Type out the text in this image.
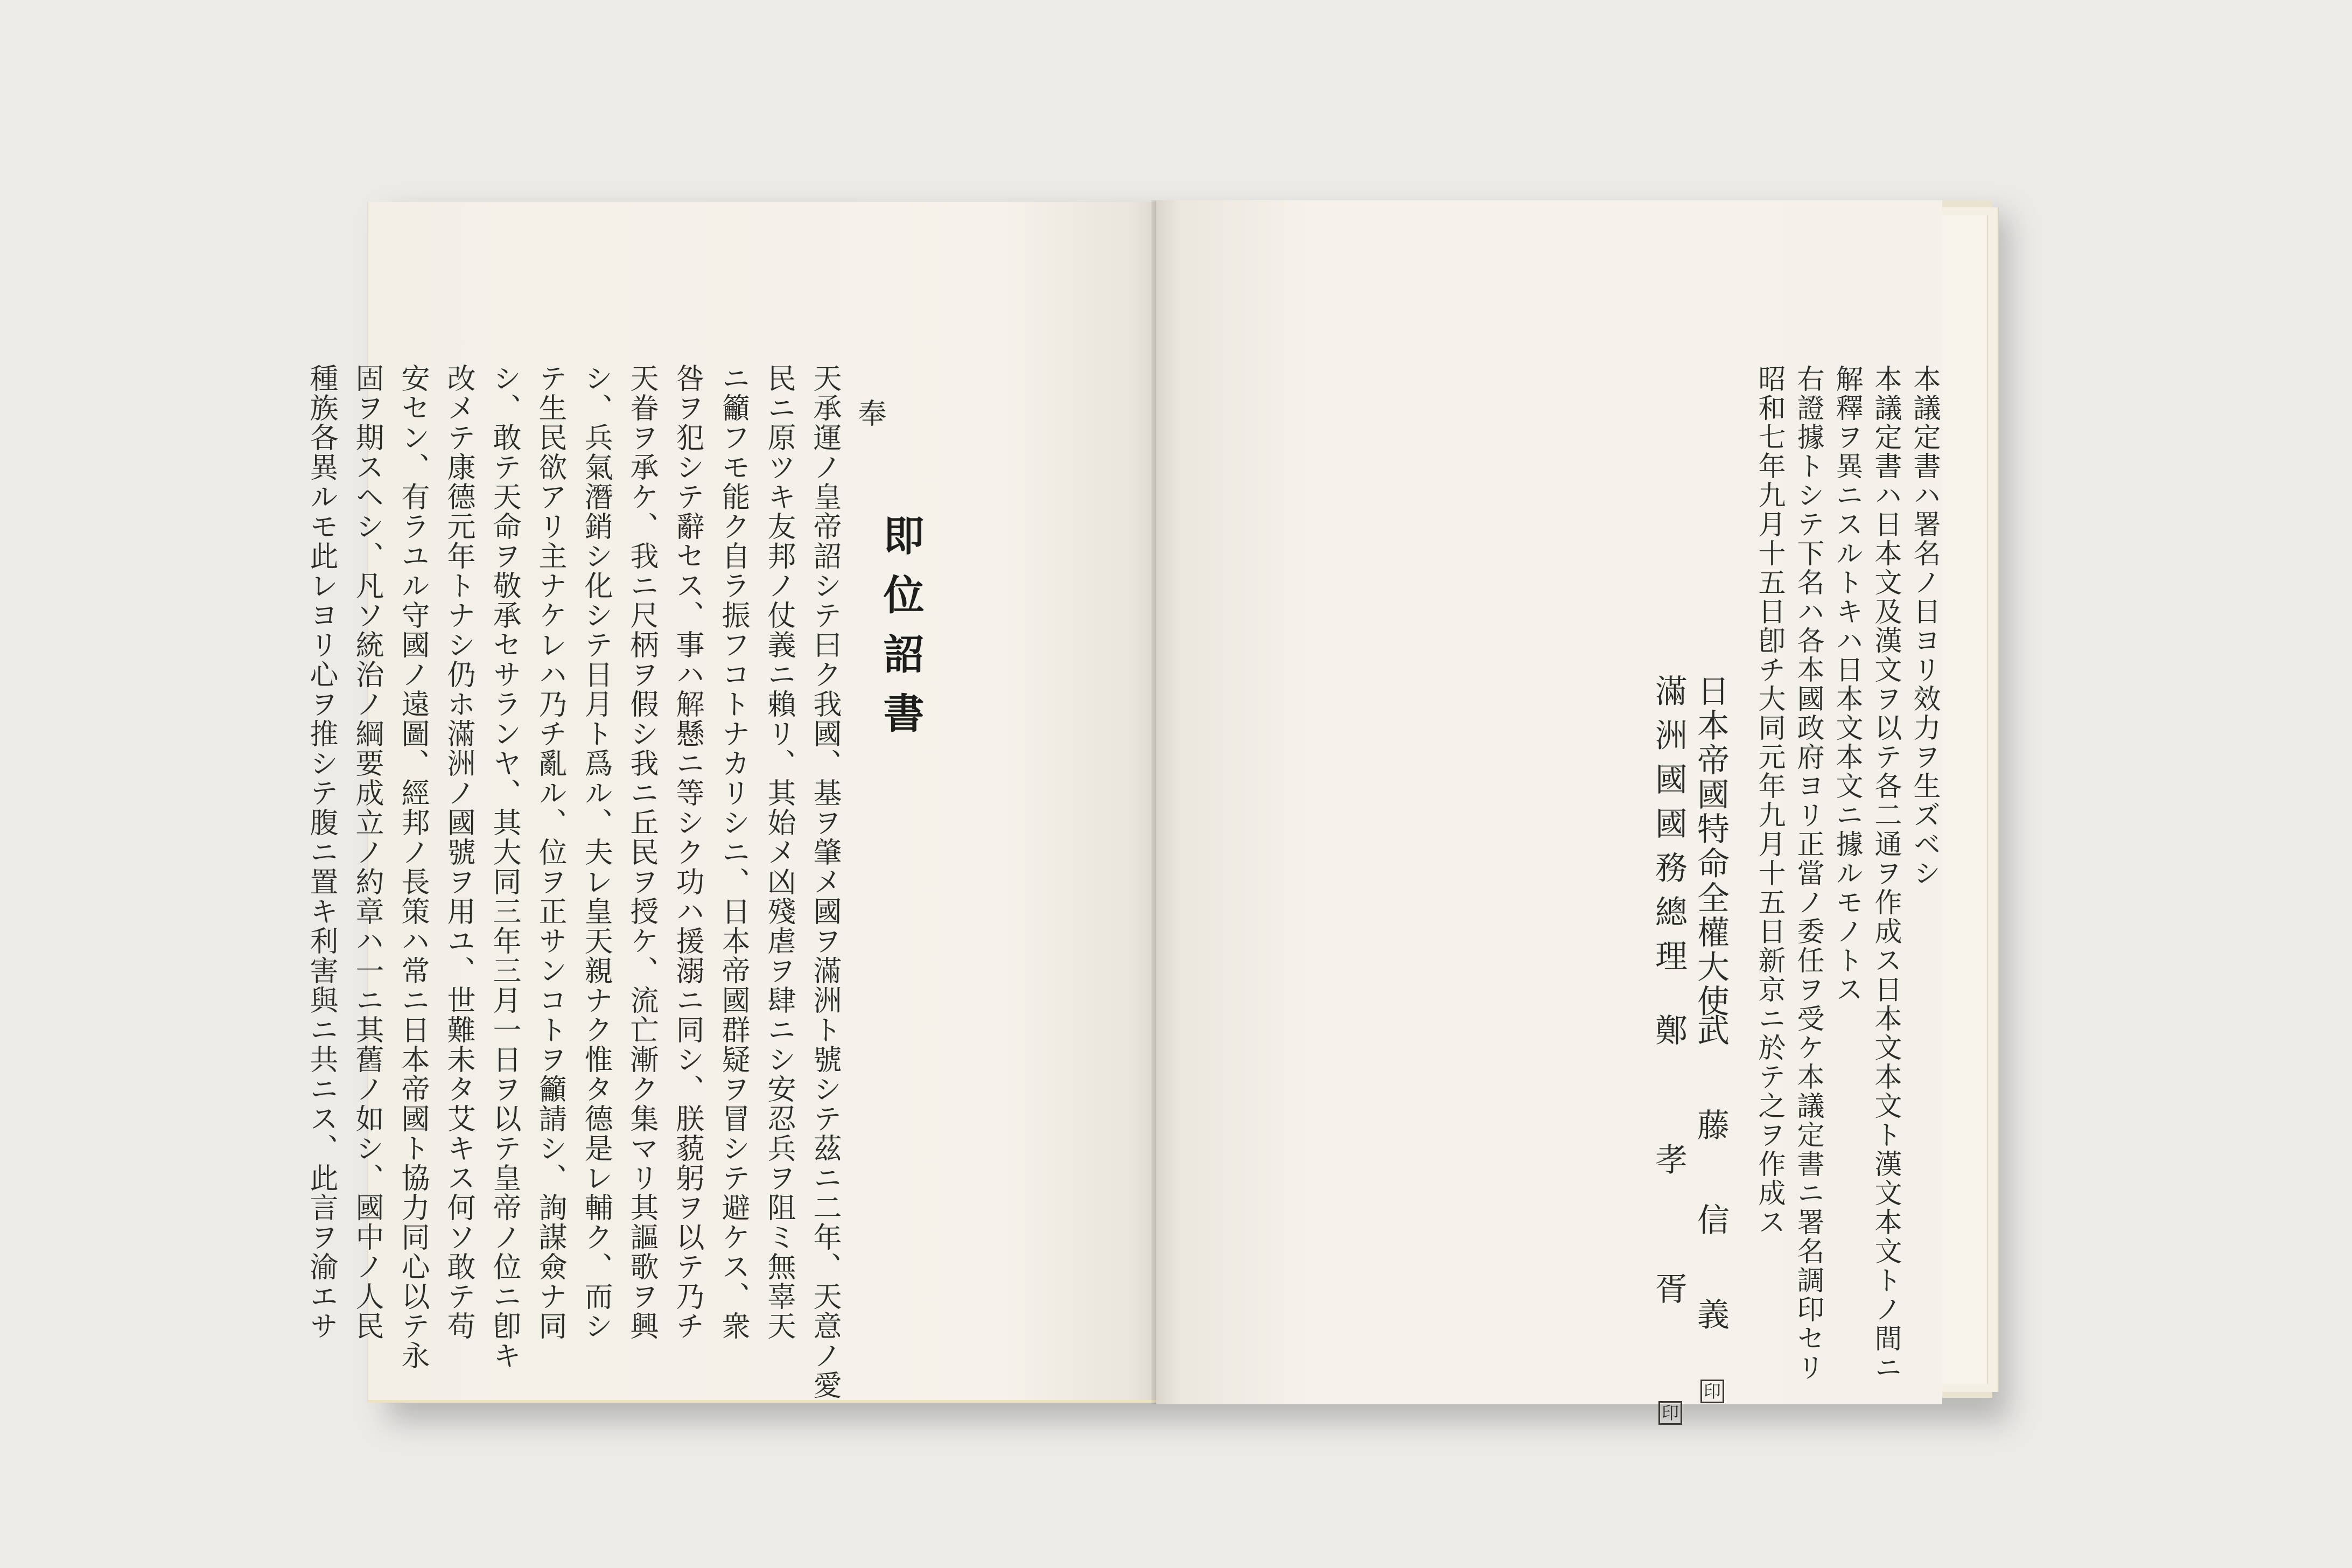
即位詔書
奉
天承運ノ皇帝詔シテ曰ク我國、基ヲ肇メ國ヲ滿洲ト號シテ茲ニ二年、天意ノ愛
民ニ原ツキ友邦ノ仗義ニ賴リ、其始メ凶殘虐ヲ肆ニシ安忍兵ヲ阻ミ無辜天
ニ籲フモ能ク自ラ振フコトナカリシニ、日本帝國群疑ヲ冒シテ避ケス、衆
咎ヲ犯シテ辭セス、事ハ解懸ニ等シク功ハ援溺ニ同シ、朕藐躬ヲ以テ乃チ
天眷ヲ承ケ、我ニ尺柄ヲ假シ我ニ丘民ヲ授ケ、流亡漸ク集マリ其謳歌ヲ興
シ、兵氣潛銷シ化シテ日月ト爲ル、夫レ皇天親ナク惟タ德是レ輔ク、而シ
テ生民欲アリ主ナケレハ乃チ亂ル、位ヲ正サンコトヲ籲請シ、詢謀僉ナ同
シ、敢テ天命ヲ敬承セサランヤ、其大同三年三月一日ヲ以テ皇帝ノ位ニ卽キ
改メテ康德元年トナシ仍ホ滿洲ノ國號ヲ用ユ、世難未タ艾キス何ソ敢テ苟
安セン、有ラユル守國ノ遠圖、經邦ノ長策ハ常ニ日本帝國ト協力同心以テ永
固ヲ期スヘシ、凡ソ統治ノ綱要成立ノ約章ハ一ニ其舊ノ如シ、國中ノ人民
種族各異ルモ此レヨリ心ヲ推シテ腹ニ置キ利害與ニ共ニス、此言ヲ渝エサ	本議定書ハ署名ノ日ヨリ效力ヲ生ズベシ
本議定書ハ日本文及漢文ヲ以テ各二通ヲ作成ス日本文本文ト漢文本文トノ間ニ
解釋ヲ異ニスルトキハ日本文本文ニ據ルモノトス
右證據トシテ下名ハ各本國政府ヨリ正當ノ委任ヲ受ケ本議定書ニ署名調印セリ
昭和七年九月十五日卽チ大同元年九月十五日新京ニ於テ之ヲ作成ス
日本帝國特命全權大使
武　藤　信　義
印
滿洲國國務總理
鄭　　孝　　胥
印
